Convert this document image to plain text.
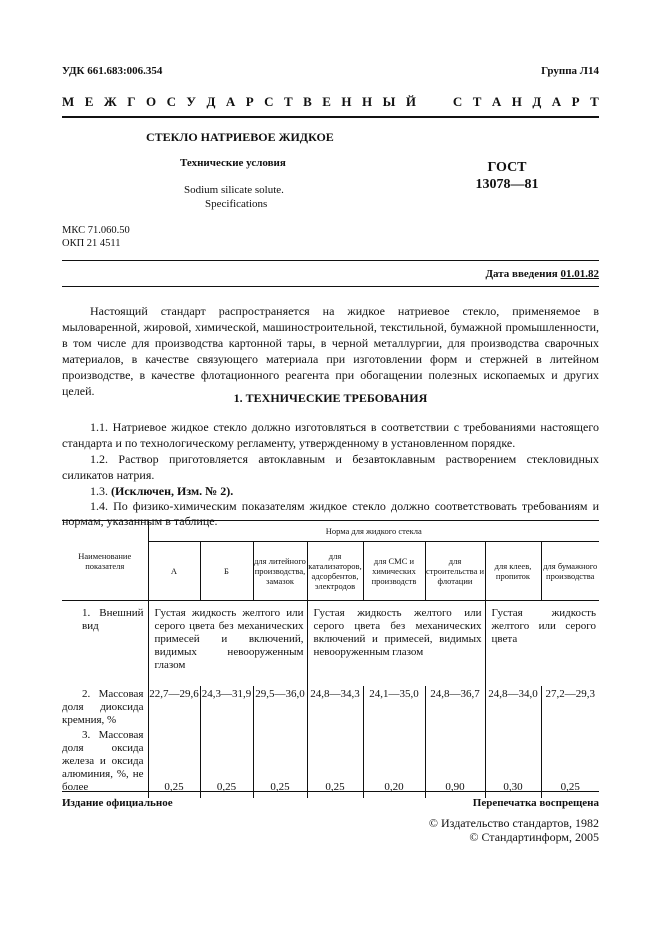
УДК 661.683:006.354	Группа Л14
М Е Ж Г О С У Д А Р С Т В Е Н Н Ы Й	С Т А Н Д А Р Т
СТЕКЛО НАТРИЕВОЕ ЖИДКОЕ
Технические условия
Sodium silicate solute.
Specifications
ГОСТ
13078—81
МКС 71.060.50
ОКП 21 4511
Дата введения 01.01.82
Настоящий стандарт распространяется на жидкое натриевое стекло, применяемое в мыловаренной, жировой, химической, машиностроительной, текстильной, бумажной промышленности, в том числе для производства картонной тары, в черной металлургии, для производства сварочных материалов, в качестве связующего материала при изготовлении форм и стержней в литейном производстве, в качестве флотационного реагента при обогащении полезных ископаемых и других целей.	1. ТЕХНИЧЕСКИЕ ТРЕБОВАНИЯ
1.1. Натриевое жидкое стекло должно изготовляться в соответствии с требованиями настоящего стандарта и по технологическому регламенту, утвержденному в установленном порядке.
1.2. Раствор приготовляется автоклавным и безавтоклавным растворением стекловидных силикатов натрия.
1.3. (Исключен, Изм. № 2).
1.4. По физико-химическим показателям жидкое стекло должно соответствовать требованиям и нормам, указанным в таблице.
Наименование показателя	Норма для жидкого стекла							
	А	Б	для литейного производства, замазок	для катализаторов, адсорбентов, электродов	для СМС и химических производств	для строительства и флотации	для клеев, пропиток	для бумажного производства
1. Внешний вид	Густая жидкость желтого или серого цвета без механических примесей и включений, видимых невооруженным глазом			Густая жидкость желтого или серого цвета без механических включений и примесей, видимых невооруженным глазом			Густая жидкость желтого или серого цвета	
2. Массовая доля диоксида кремния, %	22,7—29,6	24,3—31,9	29,5—36,0	24,8—34,3	24,1—35,0	24,8—36,7	24,8—34,0	27,2—29,3
3. Массовая доля оксида железа и оксида алюминия, %, не более	0,25	0,25	0,25	0,25	0,20	0,90	0,30	0,25
Издание официальное	Перепечатка воспрещена
© Издательство стандартов, 1982
© Стандартинформ, 2005
